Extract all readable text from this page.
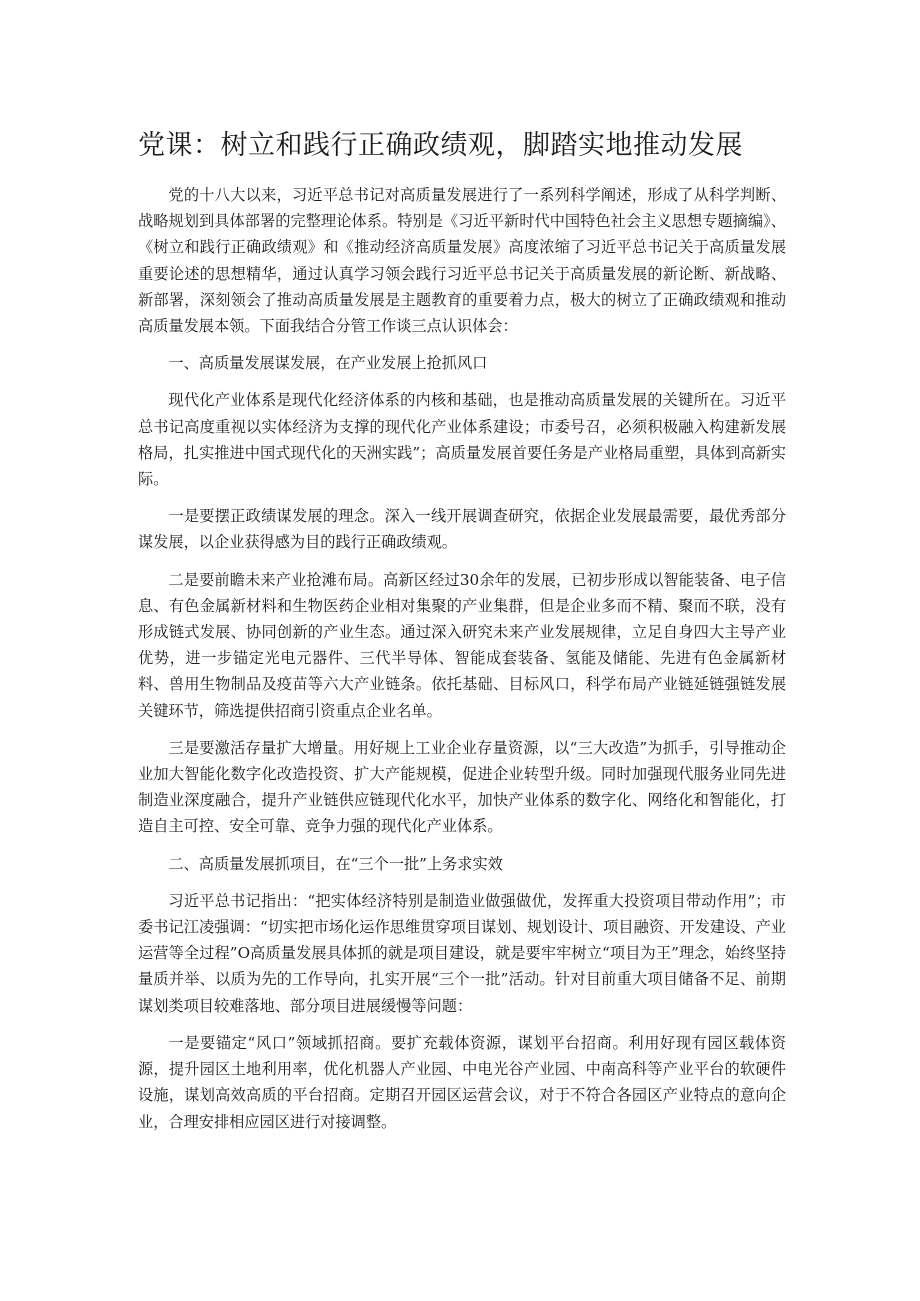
党课：树立和践行正确政绩观，脚踏实地推动发展

党的十八大以来，习近平总书记对高质量发展进行了一系列科学阐述，形成了从科学判断、战略规划到具体部署的完整理论体系。特别是《习近平新时代中国特色社会主义思想专题摘编》、《树立和践行正确政绩观》和《推动经济高质量发展》高度浓缩了习近平总书记关于高质量发展重要论述的思想精华，通过认真学习领会践行习近平总书记关于高质量发展的新论断、新战略、新部署，深刻领会了推动高质量发展是主题教育的重要着力点，极大的树立了正确政绩观和推动高质量发展本领。下面我结合分管工作谈三点认识体会：

一、高质量发展谋发展，在产业发展上抢抓风口

现代化产业体系是现代化经济体系的内核和基础，也是推动高质量发展的关键所在。习近平总书记高度重视以实体经济为支撑的现代化产业体系建设；市委号召，必须积极融入构建新发展格局，扎实推进中国式现代化的天洲实践”；高质量发展首要任务是产业格局重塑，具体到高新实际。

一是要摆正政绩谋发展的理念。深入一线开展调查研究，依据企业发展最需要，最优秀部分谋发展，以企业获得感为目的践行正确政绩观。

二是要前瞻未来产业抢滩布局。高新区经过30余年的发展，已初步形成以智能装备、电子信息、有色金属新材料和生物医药企业相对集聚的产业集群，但是企业多而不精、聚而不联，没有形成链式发展、协同创新的产业生态。通过深入研究未来产业发展规律，立足自身四大主导产业优势，进一步锚定光电元器件、三代半导体、智能成套装备、氢能及储能、先进有色金属新材料、兽用生物制品及疫苗等六大产业链条。依托基础、目标风口，科学布局产业链延链强链发展关键环节，筛选提供招商引资重点企业名单。

三是要激活存量扩大增量。用好规上工业企业存量资源，以“三大改造”为抓手，引导推动企业加大智能化数字化改造投资、扩大产能规模，促进企业转型升级。同时加强现代服务业同先进制造业深度融合，提升产业链供应链现代化水平，加快产业体系的数字化、网络化和智能化，打造自主可控、安全可靠、竞争力强的现代化产业体系。

二、高质量发展抓项目，在“三个一批”上务求实效

习近平总书记指出：“把实体经济特别是制造业做强做优，发挥重大投资项目带动作用”；市委书记江凌强调：“切实把市场化运作思维贯穿项目谋划、规划设计、项目融资、开发建设、产业运营等全过程”O高质量发展具体抓的就是项目建设，就是要牢牢树立“项目为王”理念，始终坚持量质并举、以质为先的工作导向，扎实开展“三个一批”活动。针对目前重大项目储备不足、前期谋划类项目较难落地、部分项目进展缓慢等问题：

一是要锚定“风口”领域抓招商。要扩充载体资源，谋划平台招商。利用好现有园区载体资源，提升园区土地利用率，优化机器人产业园、中电光谷产业园、中南高科等产业平台的软硬件设施，谋划高效高质的平台招商。定期召开园区运营会议，对于不符合各园区产业特点的意向企业，合理安排相应园区进行对接调整。
